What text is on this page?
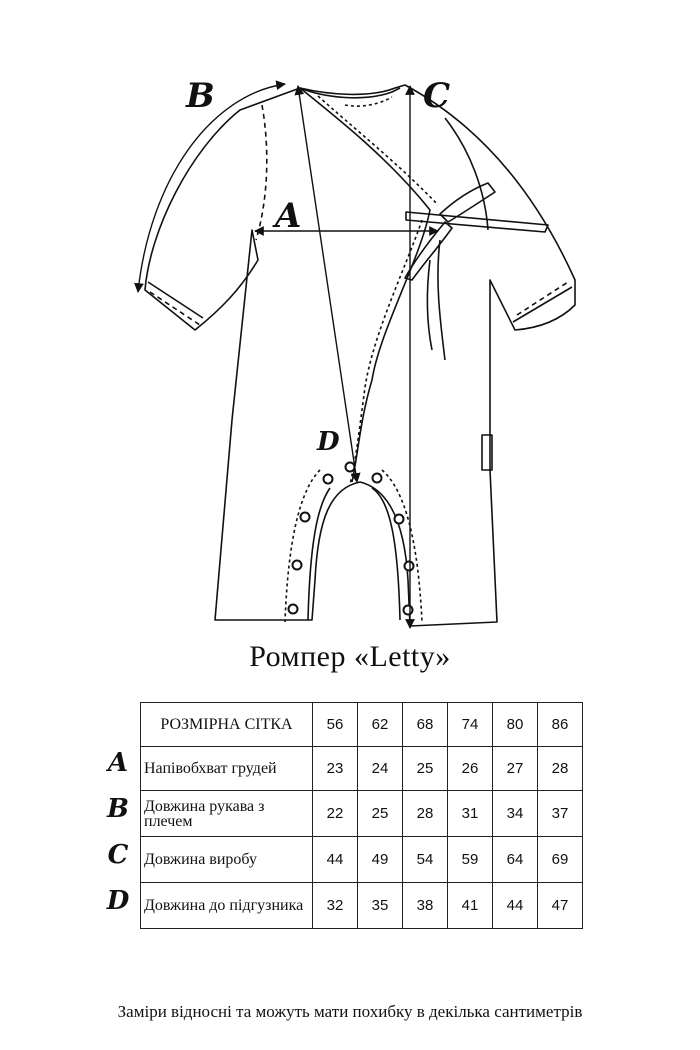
B	C
A
D
Ромпер «Letty»
A
B
C
D
РОЗМІРНА СІТКА	56	62	68	74	80	86
Напівобхват грудей	23	24	25	26	27	28
Довжина рукава з плечем	22	25	28	31	34	37
Довжина виробу	44	49	54	59	64	69
Довжина до підгузника	32	35	38	41	44	47
Заміри відносні та можуть мати похибку в декілька сантиметрів
